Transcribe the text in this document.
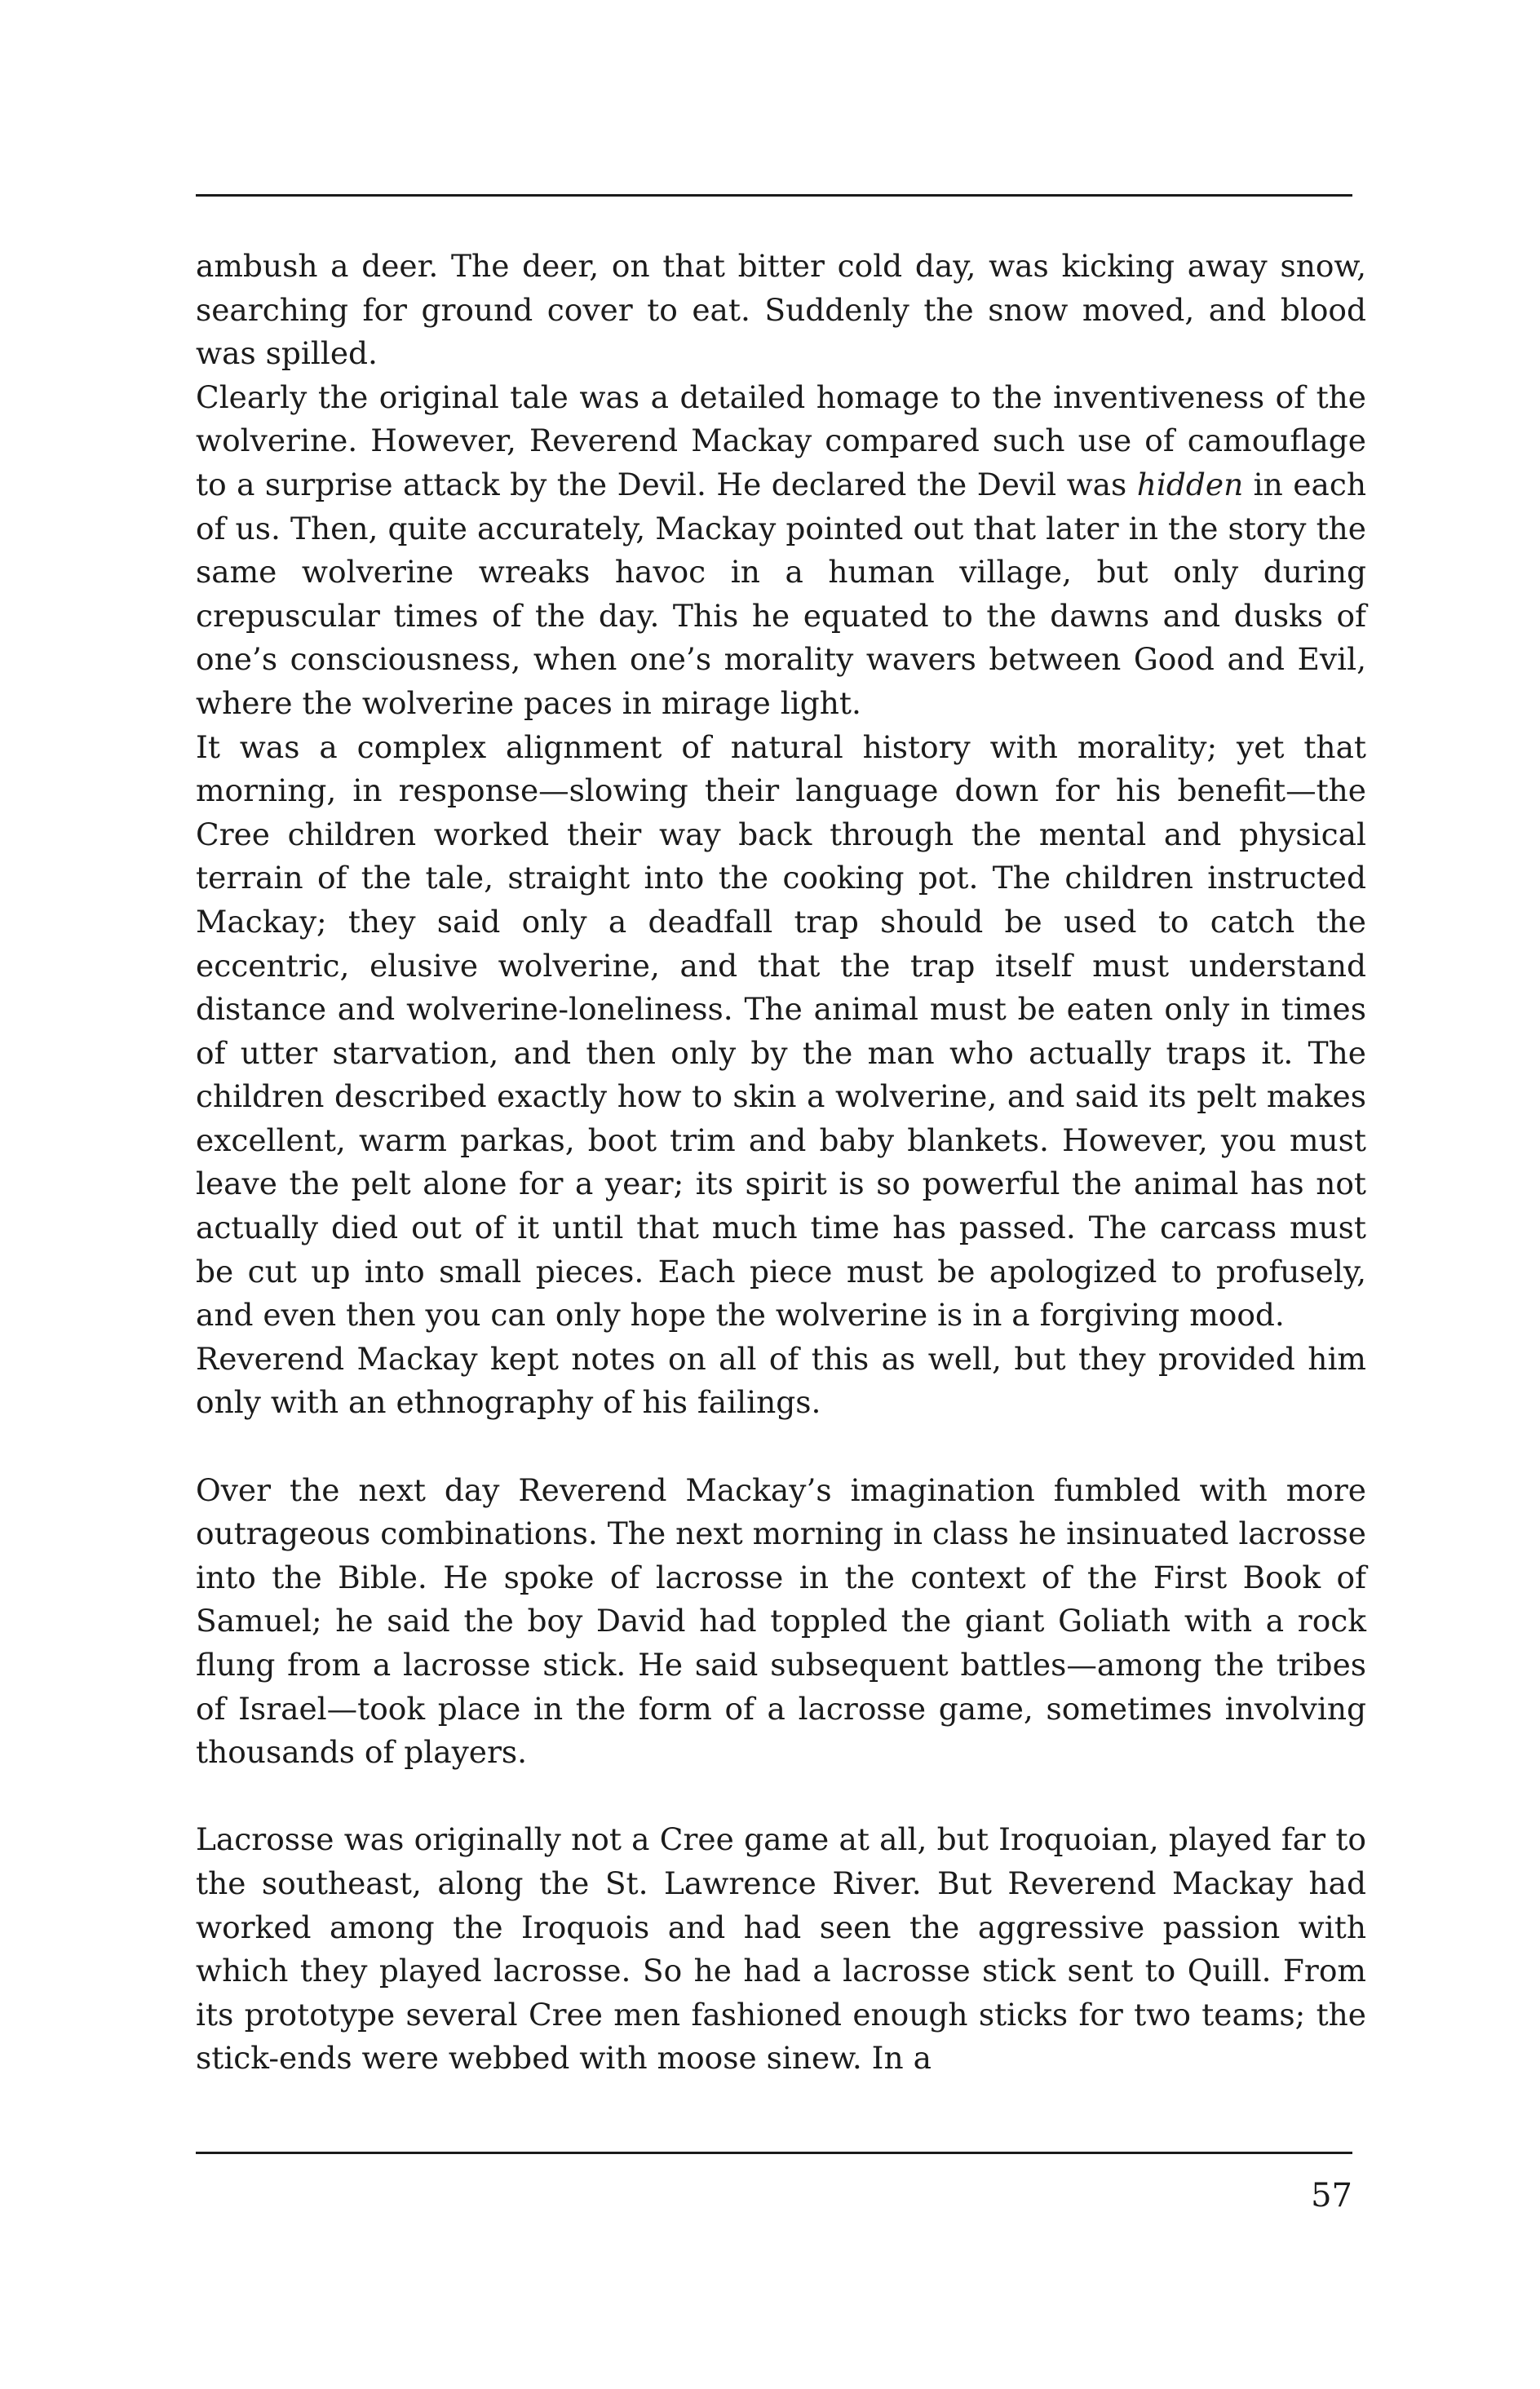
ambush a deer. The deer, on that bitter cold day, was kicking away snow, searching for ground cover to eat. Suddenly the snow moved, and blood was spilled.

Clearly the original tale was a detailed homage to the inventiveness of the wolverine. However, Reverend Mackay compared such use of camouflage to a surprise attack by the Devil. He declared the Devil was hidden in each of us. Then, quite accurately, Mackay pointed out that later in the story the same wolverine wreaks havoc in a human village, but only during crepuscular times of the day. This he equated to the dawns and dusks of one’s consciousness, when one’s morality wavers between Good and Evil, where the wolverine paces in mirage light.

It was a complex alignment of natural history with morality; yet that morning, in response—slowing their language down for his benefit—the Cree children worked their way back through the mental and physical terrain of the tale, straight into the cooking pot. The children instructed Mackay; they said only a deadfall trap should be used to catch the eccentric, elusive wolverine, and that the trap itself must understand distance and wolverine-loneliness. The animal must be eaten only in times of utter starvation, and then only by the man who actually traps it. The children described exactly how to skin a wolverine, and said its pelt makes excellent, warm parkas, boot trim and baby blankets. However, you must leave the pelt alone for a year; its spirit is so powerful the animal has not actually died out of it until that much time has passed. The carcass must be cut up into small pieces. Each piece must be apologized to profusely, and even then you can only hope the wolverine is in a forgiving mood.

Reverend Mackay kept notes on all of this as well, but they provided him only with an ethnography of his failings.

Over the next day Reverend Mackay’s imagination fumbled with more outrageous combinations. The next morning in class he insinuated lacrosse into the Bible. He spoke of lacrosse in the context of the First Book of Samuel; he said the boy David had toppled the giant Goliath with a rock flung from a lacrosse stick. He said subsequent battles—among the tribes of Israel—took place in the form of a lacrosse game, sometimes involving thousands of players.

Lacrosse was originally not a Cree game at all, but Iroquoian, played far to the southeast, along the St. Lawrence River. But Reverend Mackay had worked among the Iroquois and had seen the aggressive passion with which they played lacrosse. So he had a lacrosse stick sent to Quill. From its prototype several Cree men fashioned enough sticks for two teams; the stick-ends were webbed with moose sinew. In a

57
